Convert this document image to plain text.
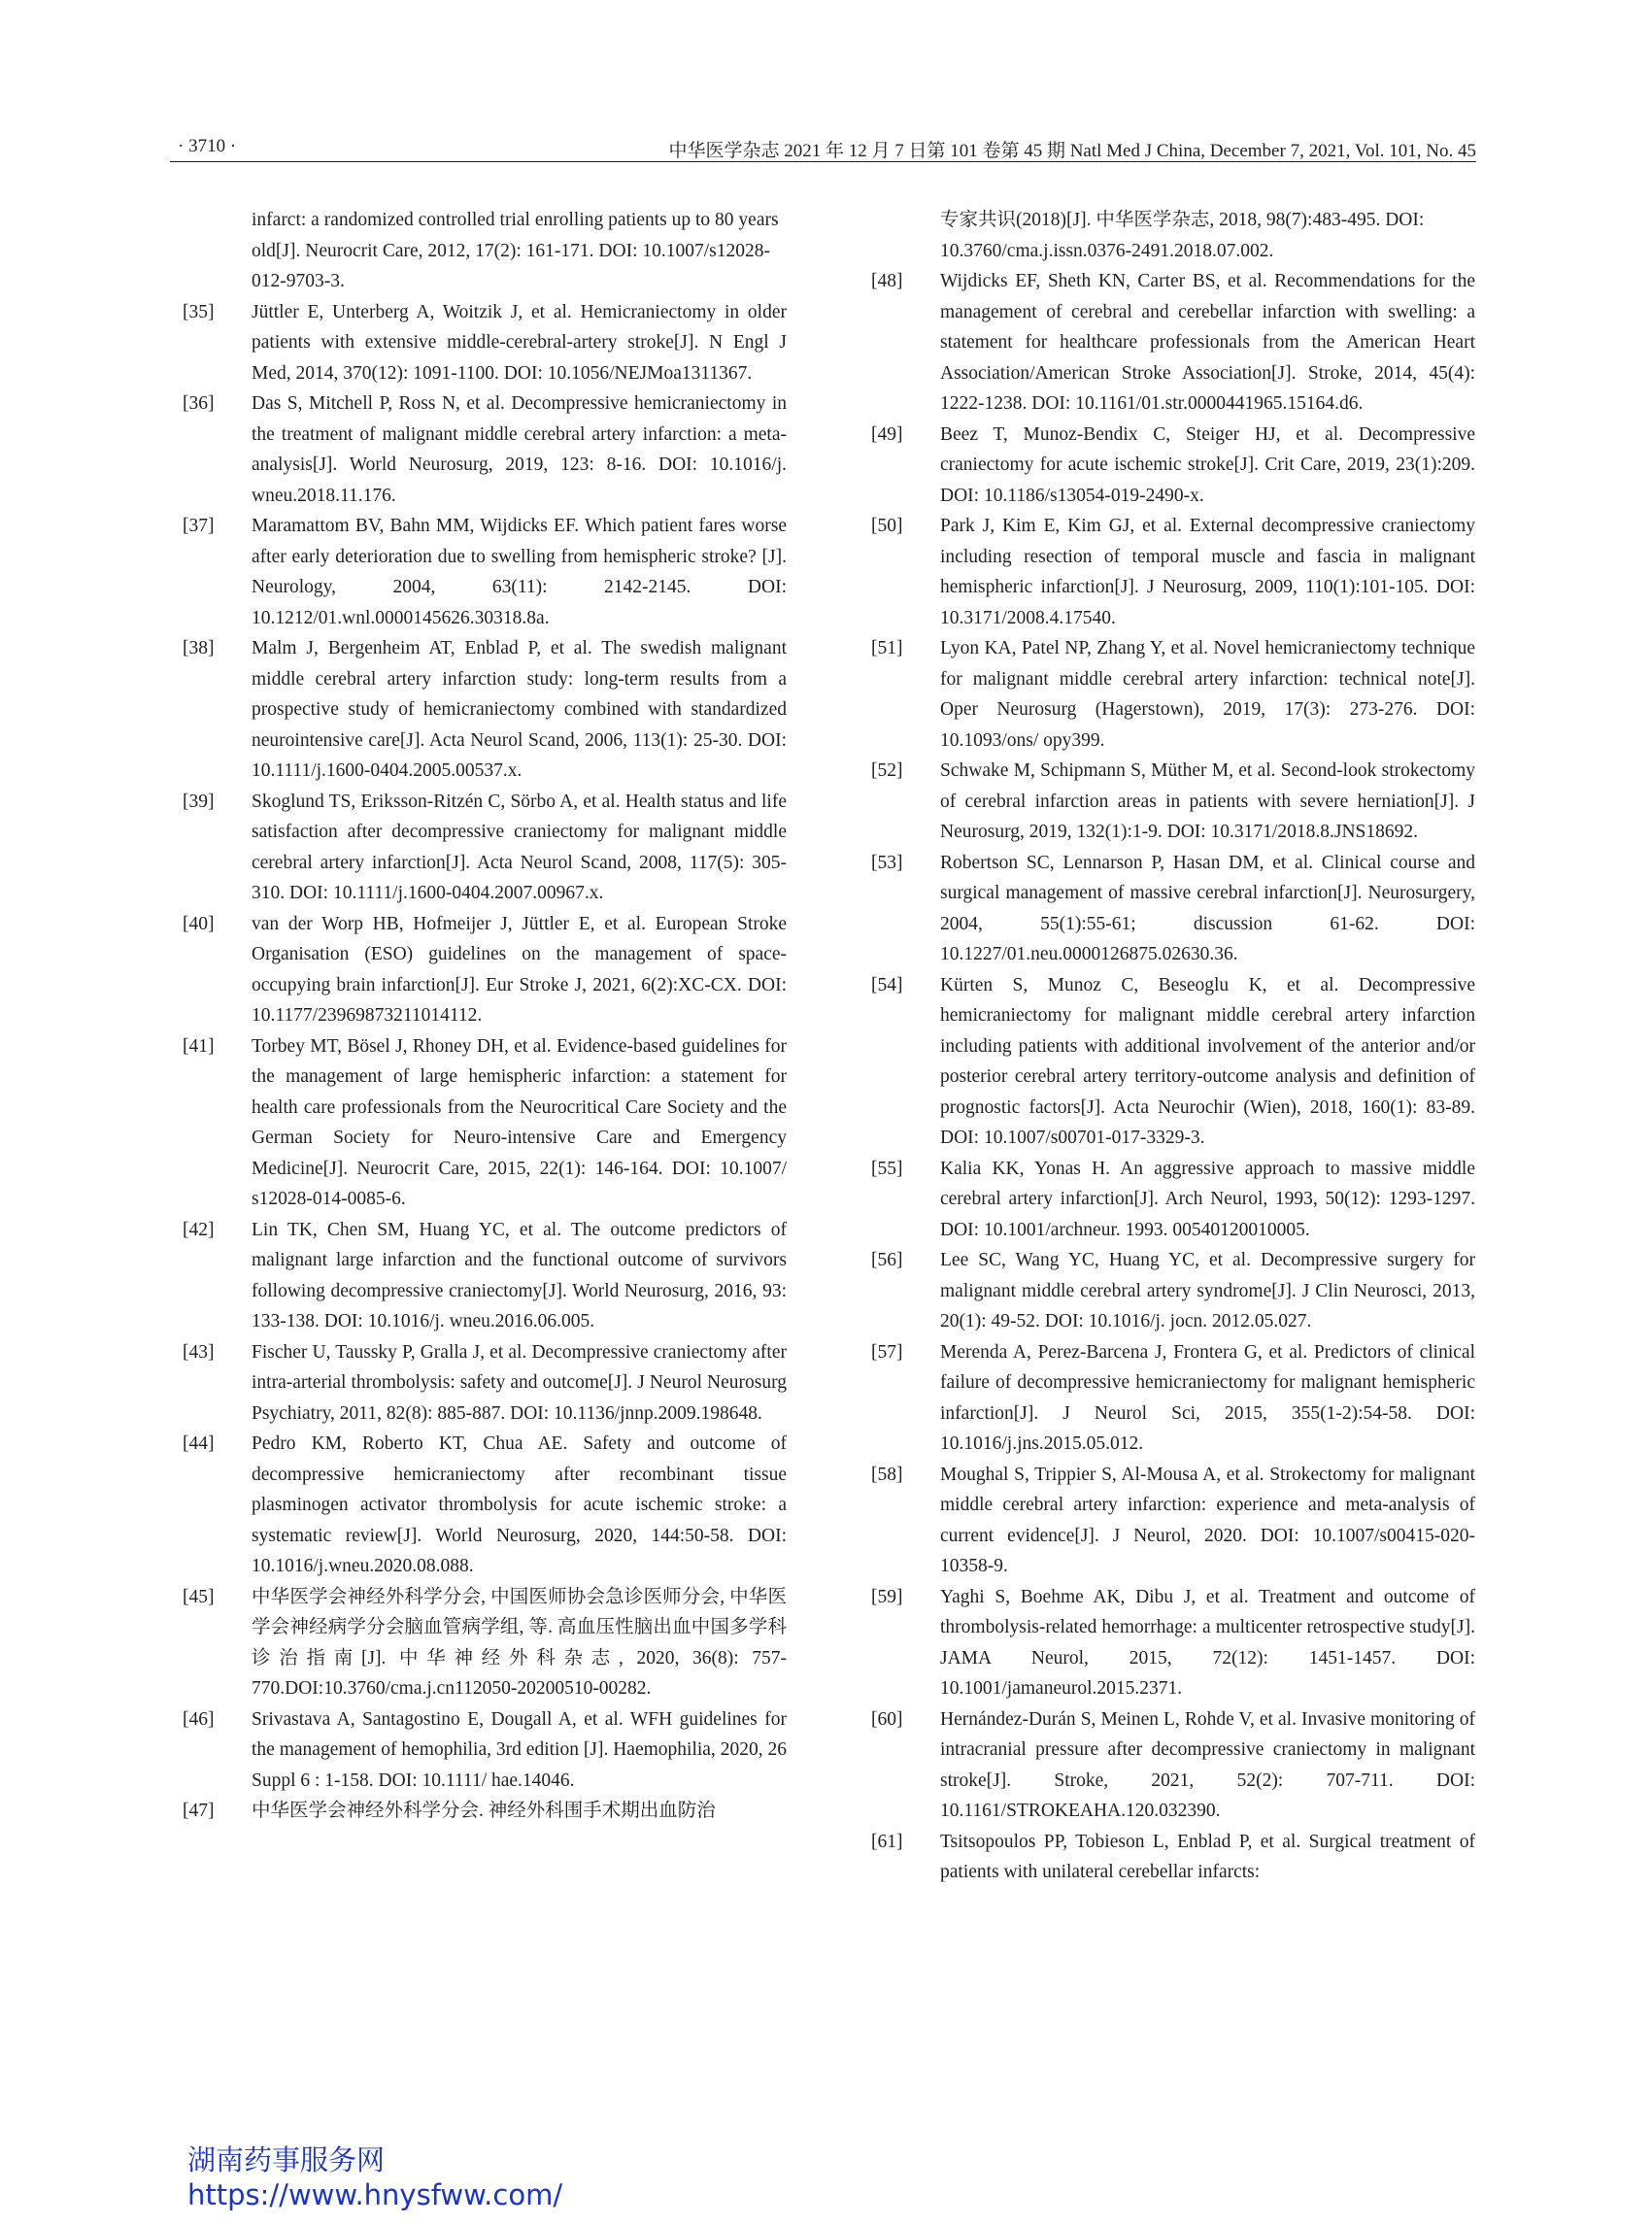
· 3710 ·	中华医学杂志 2021 年 12 月 7 日第 101 卷第 45 期 Natl Med J China, December 7, 2021, Vol. 101, No. 45
infarct: a randomized controlled trial enrolling patients up to 80 years old[J]. Neurocrit Care, 2012, 17(2): 161-171. DOI: 10.1007/s12028-012-9703-3.
[35]	Jüttler E, Unterberg A, Woitzik J, et al. Hemicraniectomy in older patients with extensive middle-cerebral-artery stroke[J]. N Engl J Med, 2014, 370(12): 1091-1100. DOI: 10.1056/NEJMoa1311367.
[36]	Das S, Mitchell P, Ross N, et al. Decompressive hemicraniectomy in the treatment of malignant middle cerebral artery infarction: a meta-analysis[J]. World Neurosurg, 2019, 123: 8-16. DOI: 10.1016/j. wneu.2018.11.176.
[37]	Maramattom BV, Bahn MM, Wijdicks EF. Which patient fares worse after early deterioration due to swelling from hemispheric stroke? [J]. Neurology, 2004, 63(11): 2142-2145. DOI: 10.1212/01.wnl.0000145626.30318.8a.
[38]	Malm J, Bergenheim AT, Enblad P, et al. The swedish malignant middle cerebral artery infarction study: long-term results from a prospective study of hemicraniectomy combined with standardized neurointensive care[J]. Acta Neurol Scand, 2006, 113(1): 25-30. DOI: 10.1111/j.1600-0404.2005.00537.x.
[39]	Skoglund TS, Eriksson-Ritzén C, Sörbo A, et al. Health status and life satisfaction after decompressive craniectomy for malignant middle cerebral artery infarction[J]. Acta Neurol Scand, 2008, 117(5): 305-310. DOI: 10.1111/j.1600-0404.2007.00967.x.
[40]	van der Worp HB, Hofmeijer J, Jüttler E, et al. European Stroke Organisation (ESO) guidelines on the management of space-occupying brain infarction[J]. Eur Stroke J, 2021, 6(2):XC-CX. DOI: 10.1177/23969873211014112.
[41]	Torbey MT, Bösel J, Rhoney DH, et al. Evidence-based guidelines for the management of large hemispheric infarction: a statement for health care professionals from the Neurocritical Care Society and the German Society for Neuro-intensive Care and Emergency Medicine[J]. Neurocrit Care, 2015, 22(1): 146-164. DOI: 10.1007/ s12028-014-0085-6.
[42]	Lin TK, Chen SM, Huang YC, et al. The outcome predictors of malignant large infarction and the functional outcome of survivors following decompressive craniectomy[J]. World Neurosurg, 2016, 93: 133-138. DOI: 10.1016/j. wneu.2016.06.005.
[43]	Fischer U, Taussky P, Gralla J, et al. Decompressive craniectomy after intra-arterial thrombolysis: safety and outcome[J]. J Neurol Neurosurg Psychiatry, 2011, 82(8): 885-887. DOI: 10.1136/jnnp.2009.198648.
[44]	Pedro KM, Roberto KT, Chua AE. Safety and outcome of decompressive hemicraniectomy after recombinant tissue plasminogen activator thrombolysis for acute ischemic stroke: a systematic review[J]. World Neurosurg, 2020, 144:50-58. DOI: 10.1016/j.wneu.2020.08.088.
[45]	中华医学会神经外科学分会, 中国医师协会急诊医师分会, 中华医学会神经病学分会脑血管病学组, 等. 高血压性脑出血中国多学科诊治指南[J]. 中华神经外科杂志, 2020, 36(8): 757-770.DOI:10.3760/cma.j.cn112050-20200510-00282.
[46]	Srivastava A, Santagostino E, Dougall A, et al. WFH guidelines for the management of hemophilia, 3rd edition [J]. Haemophilia, 2020, 26 Suppl 6 : 1-158. DOI: 10.1111/ hae.14046.
[47]	中华医学会神经外科学分会. 神经外科围手术期出血防治
专家共识(2018)[J]. 中华医学杂志, 2018, 98(7):483-495. DOI: 10.3760/cma.j.issn.0376-2491.2018.07.002.
[48]	Wijdicks EF, Sheth KN, Carter BS, et al. Recommendations for the management of cerebral and cerebellar infarction with swelling: a statement for healthcare professionals from the American Heart Association/American Stroke Association[J]. Stroke, 2014, 45(4): 1222-1238. DOI: 10.1161/01.str.0000441965.15164.d6.
[49]	Beez T, Munoz-Bendix C, Steiger HJ, et al. Decompressive craniectomy for acute ischemic stroke[J]. Crit Care, 2019, 23(1):209. DOI: 10.1186/s13054-019-2490-x.
[50]	Park J, Kim E, Kim GJ, et al. External decompressive craniectomy including resection of temporal muscle and fascia in malignant hemispheric infarction[J]. J Neurosurg, 2009, 110(1):101-105. DOI: 10.3171/2008.4.17540.
[51]	Lyon KA, Patel NP, Zhang Y, et al. Novel hemicraniectomy technique for malignant middle cerebral artery infarction: technical note[J]. Oper Neurosurg (Hagerstown), 2019, 17(3): 273-276. DOI: 10.1093/ons/ opy399.
[52]	Schwake M, Schipmann S, Müther M, et al. Second-look strokectomy of cerebral infarction areas in patients with severe herniation[J]. J Neurosurg, 2019, 132(1):1-9. DOI: 10.3171/2018.8.JNS18692.
[53]	Robertson SC, Lennarson P, Hasan DM, et al. Clinical course and surgical management of massive cerebral infarction[J]. Neurosurgery, 2004, 55(1):55-61; discussion 61-62. DOI: 10.1227/01.neu.0000126875.02630.36.
[54]	Kürten S, Munoz C, Beseoglu K, et al. Decompressive hemicraniectomy for malignant middle cerebral artery infarction including patients with additional involvement of the anterior and/or posterior cerebral artery territory-outcome analysis and definition of prognostic factors[J]. Acta Neurochir (Wien), 2018, 160(1): 83-89. DOI: 10.1007/s00701-017-3329-3.
[55]	Kalia KK, Yonas H. An aggressive approach to massive middle cerebral artery infarction[J]. Arch Neurol, 1993, 50(12): 1293-1297. DOI: 10.1001/archneur. 1993. 00540120010005.
[56]	Lee SC, Wang YC, Huang YC, et al. Decompressive surgery for malignant middle cerebral artery syndrome[J]. J Clin Neurosci, 2013, 20(1): 49-52. DOI: 10.1016/j. jocn. 2012.05.027.
[57]	Merenda A, Perez-Barcena J, Frontera G, et al. Predictors of clinical failure of decompressive hemicraniectomy for malignant hemispheric infarction[J]. J Neurol Sci, 2015, 355(1-2):54-58. DOI: 10.1016/j.jns.2015.05.012.
[58]	Moughal S, Trippier S, Al-Mousa A, et al. Strokectomy for malignant middle cerebral artery infarction: experience and meta-analysis of current evidence[J]. J Neurol, 2020. DOI: 10.1007/s00415-020-10358-9.
[59]	Yaghi S, Boehme AK, Dibu J, et al. Treatment and outcome of thrombolysis-related hemorrhage: a multicenter retrospective study[J]. JAMA Neurol, 2015, 72(12): 1451-1457. DOI: 10.1001/jamaneurol.2015.2371.
[60]	Hernández-Durán S, Meinen L, Rohde V, et al. Invasive monitoring of intracranial pressure after decompressive craniectomy in malignant stroke[J]. Stroke, 2021, 52(2): 707-711. DOI: 10.1161/STROKEAHA.120.032390.
[61]	Tsitsopoulos PP, Tobieson L, Enblad P, et al. Surgical treatment of patients with unilateral cerebellar infarcts:
湖南药事服务网
https://www.hnysfww.com/
